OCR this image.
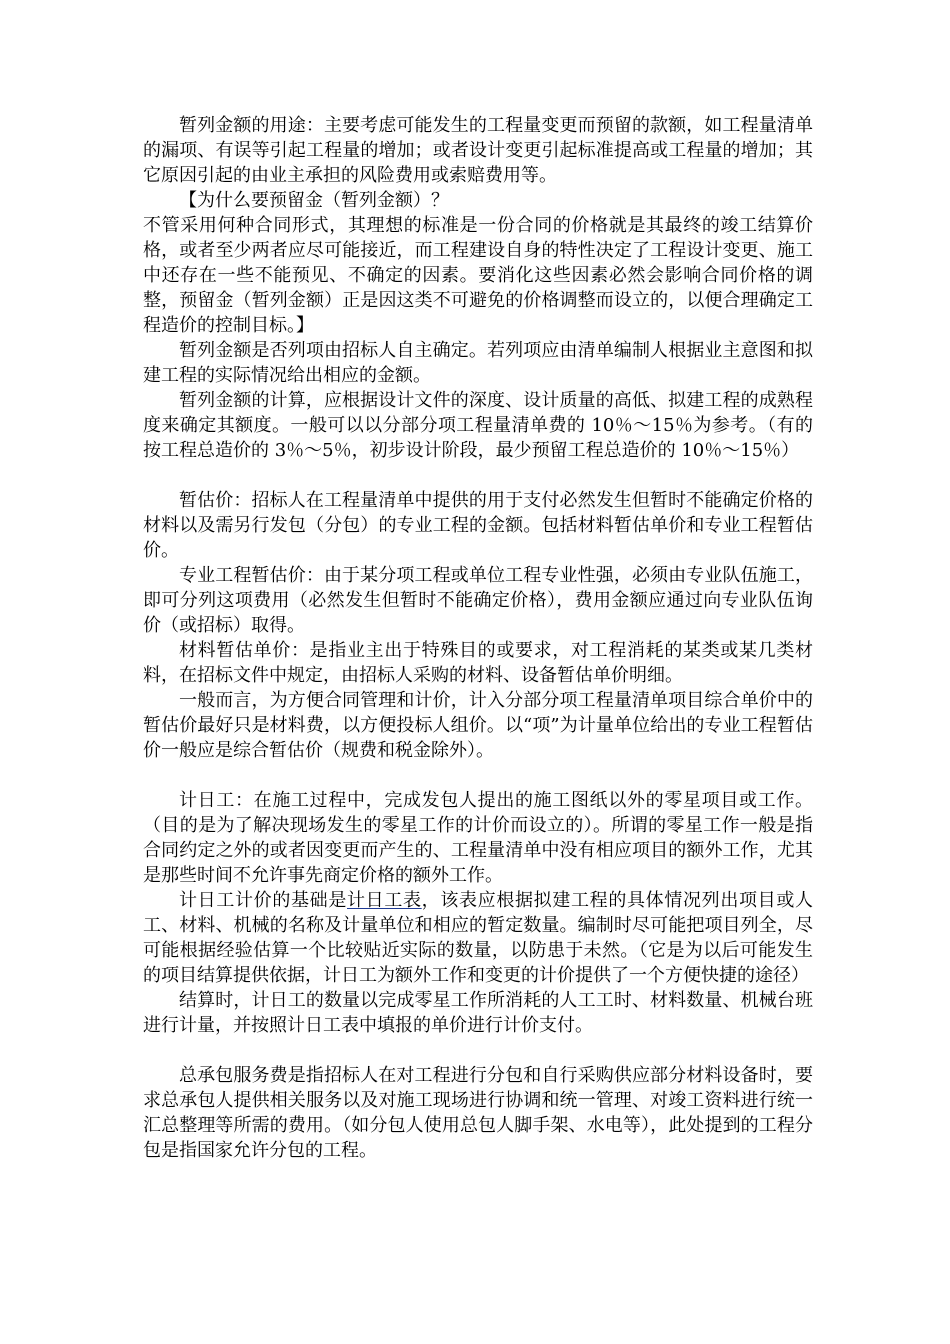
暂列金额的用途：主要考虑可能发生的工程量变更而预留的款额，如工程量清单的漏项、有误等引起工程量的增加；或者设计变更引起标准提高或工程量的增加；其它原因引起的由业主承担的风险费用或索赔费用等。

【为什么要预留金（暂列金额）？

不管采用何种合同形式，其理想的标准是一份合同的价格就是其最终的竣工结算价格，或者至少两者应尽可能接近，而工程建设自身的特性决定了工程设计变更、施工中还存在一些不能预见、不确定的因素。要消化这些因素必然会影响合同价格的调整，预留金（暂列金额）正是因这类不可避免的价格调整而设立的，以便合理确定工程造价的控制目标。】

暂列金额是否列项由招标人自主确定。若列项应由清单编制人根据业主意图和拟建工程的实际情况给出相应的金额。

暂列金额的计算，应根据设计文件的深度、设计质量的高低、拟建工程的成熟程度来确定其额度。一般可以以分部分项工程量清单费的 10％～15％为参考。（有的按工程总造价的 3％～5％，初步设计阶段，最少预留工程总造价的 10％～15％）

暂估价：招标人在工程量清单中提供的用于支付必然发生但暂时不能确定价格的材料以及需另行发包（分包）的专业工程的金额。包括材料暂估单价和专业工程暂估价。

专业工程暂估价：由于某分项工程或单位工程专业性强，必须由专业队伍施工，即可分列这项费用（必然发生但暂时不能确定价格），费用金额应通过向专业队伍询价（或招标）取得。

材料暂估单价：是指业主出于特殊目的或要求，对工程消耗的某类或某几类材料，在招标文件中规定，由招标人采购的材料、设备暂估单价明细。

一般而言，为方便合同管理和计价，计入分部分项工程量清单项目综合单价中的暂估价最好只是材料费，以方便投标人组价。以“项”为计量单位给出的专业工程暂估价一般应是综合暂估价（规费和税金除外）。

计日工：在施工过程中，完成发包人提出的施工图纸以外的零星项目或工作。（目的是为了解决现场发生的零星工作的计价而设立的）。所谓的零星工作一般是指合同约定之外的或者因变更而产生的、工程量清单中没有相应项目的额外工作，尤其是那些时间不允许事先商定价格的额外工作。

计日工计价的基础是计日工表，该表应根据拟建工程的具体情况列出项目或人工、材料、机械的名称及计量单位和相应的暂定数量。编制时尽可能把项目列全，尽可能根据经验估算一个比较贴近实际的数量，以防患于未然。（它是为以后可能发生的项目结算提供依据，计日工为额外工作和变更的计价提供了一个方便快捷的途径）

结算时，计日工的数量以完成零星工作所消耗的人工工时、材料数量、机械台班进行计量，并按照计日工表中填报的单价进行计价支付。

总承包服务费是指招标人在对工程进行分包和自行采购供应部分材料设备时，要求总承包人提供相关服务以及对施工现场进行协调和统一管理、对竣工资料进行统一汇总整理等所需的费用。（如分包人使用总包人脚手架、水电等），此处提到的工程分包是指国家允许分包的工程。
